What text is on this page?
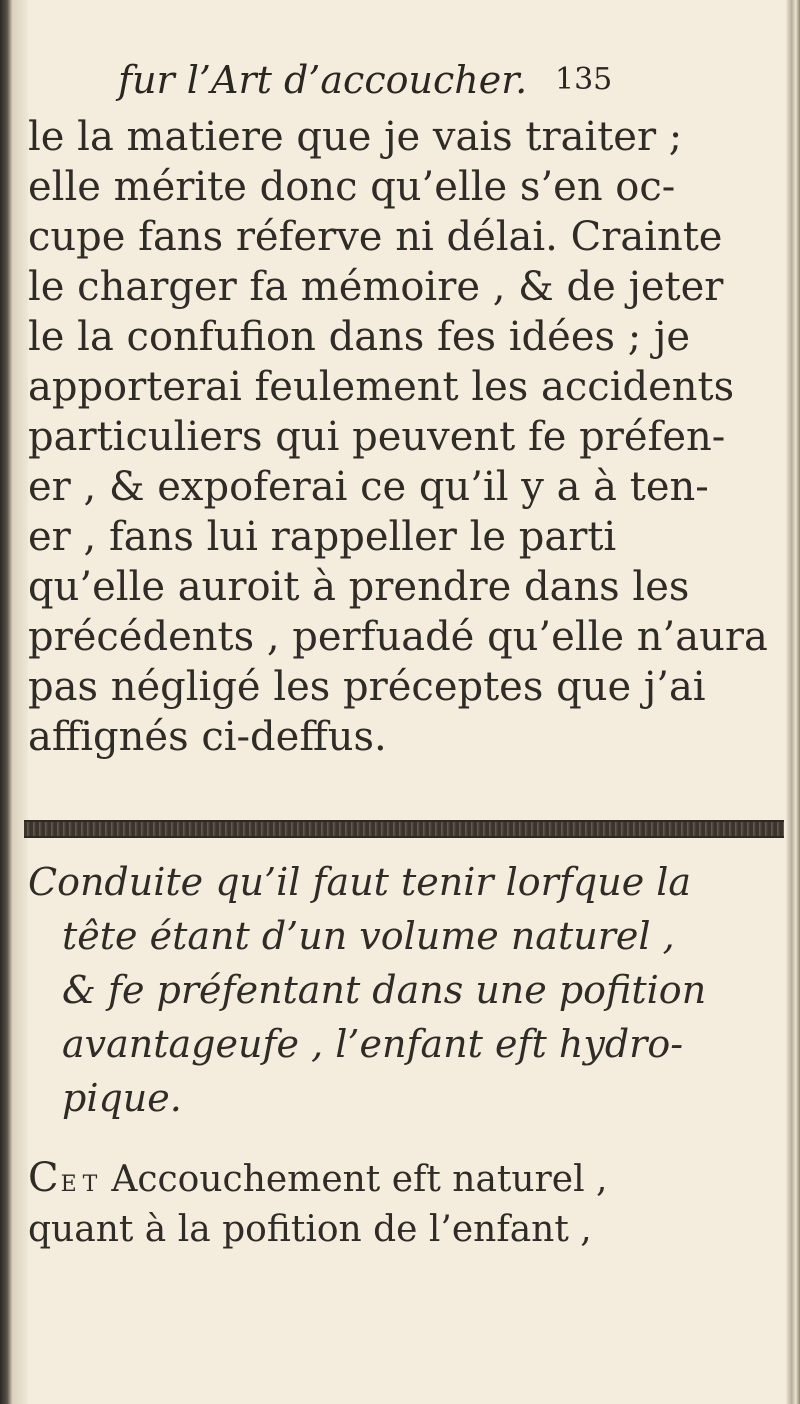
fur l’Art d’accoucher. 135
le la matiere que je vais traiter ;
elle mérite donc qu’elle s’en oc-
cupe fans réferve ni délai. Crainte
le charger fa mémoire , & de jeter
le la confufion dans fes idées ; je
apporterai feulement les accidents
particuliers qui peuvent fe préfen-
er , & expoferai ce qu’il y a à ten-
er , fans lui rappeller le parti
qu’elle auroit à prendre dans les
précédents , perfuadé qu’elle n’aura
pas négligé les préceptes que j’ai
affignés ci-deffus.
Conduite qu’il faut tenir lorfque la
tête étant d’un volume naturel ,
& fe préfentant dans une pofition
avantageufe , l’enfant eft hydro-
pique.
CET Accouchement eft naturel ,
quant à la pofition de l’enfant ,
